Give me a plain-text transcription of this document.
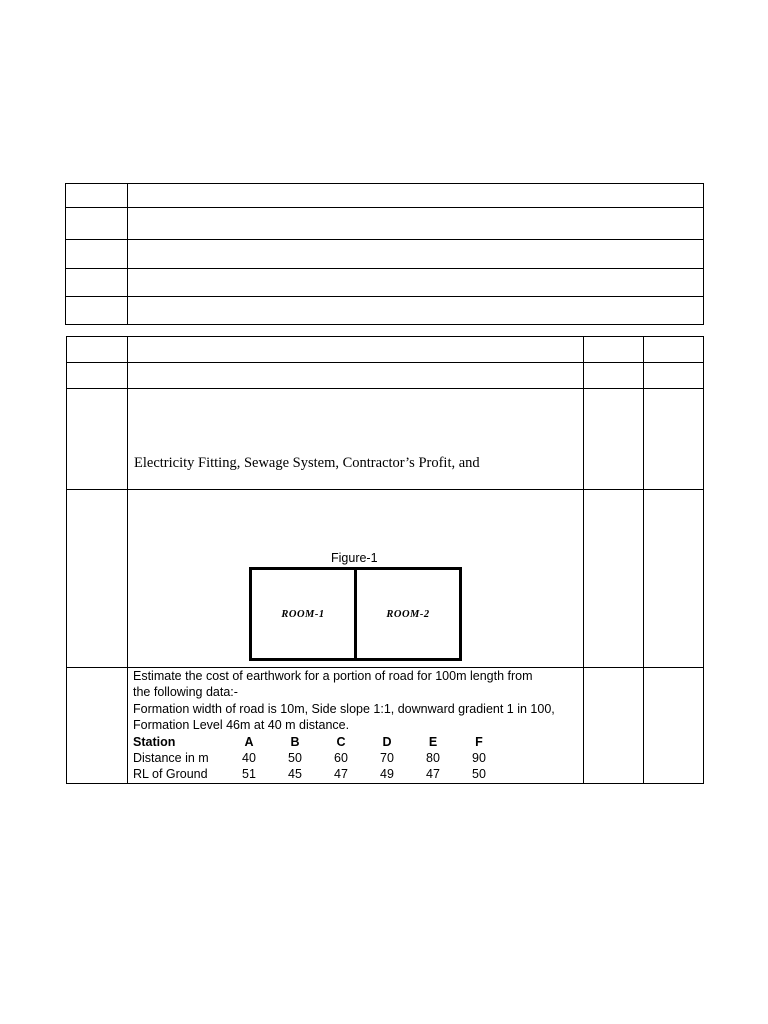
Electricity Fitting, Sewage System, Contractor’s Profit, and

Figure-1
ROOM-1	ROOM-2

Estimate the cost of earthwork for a portion of road for 100m length from

the following data:-

Formation width of road is 10m, Side slope 1:1, downward gradient 1 in 100,

Formation Level 46m at 40 m distance.

Station	A	B	C	D	E	F
Distance in m	40	50	60	70	80	90
RL of Ground	51	45	47	49	47	50
